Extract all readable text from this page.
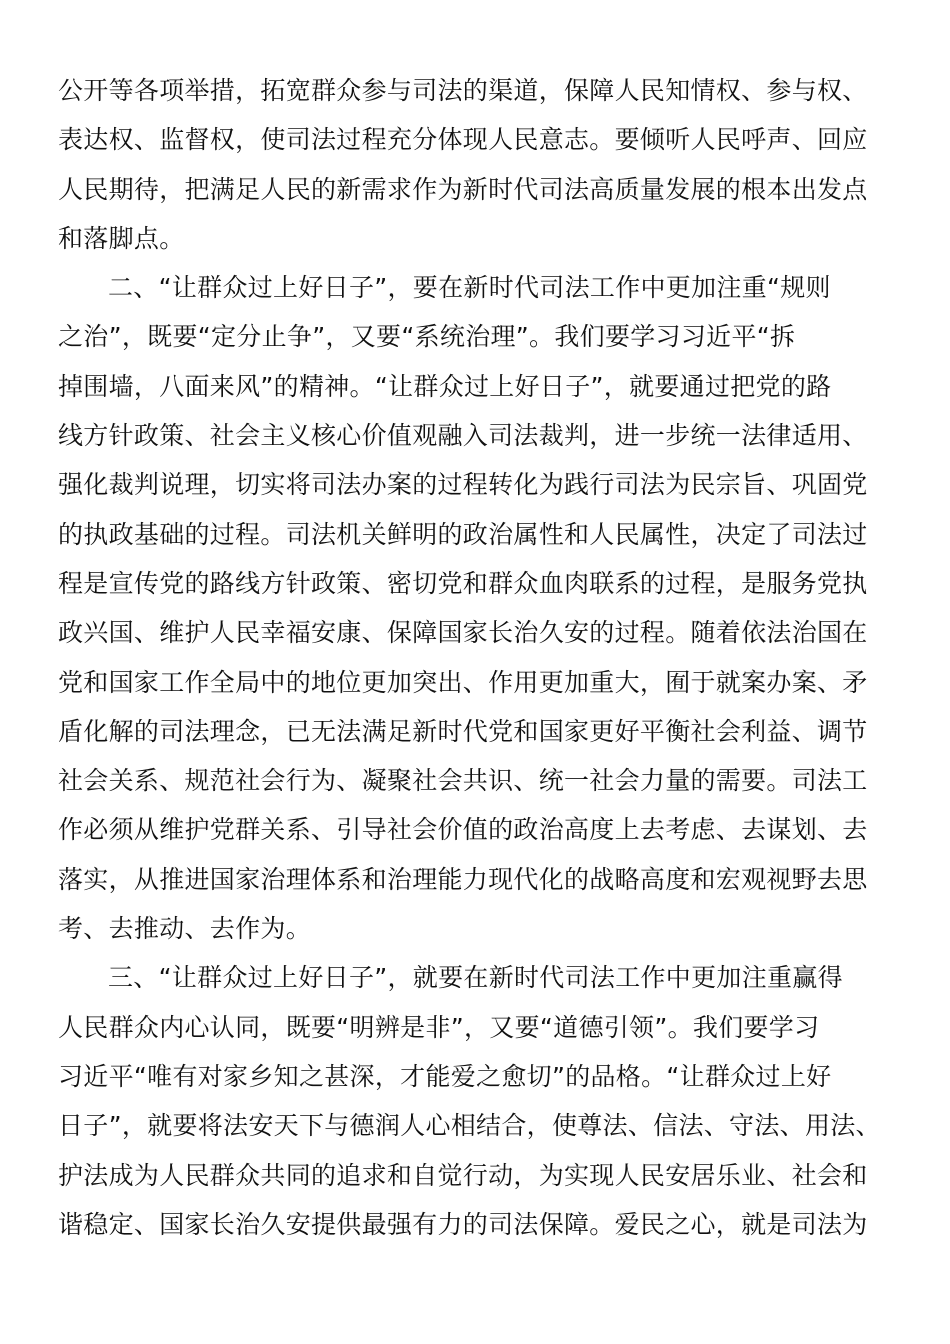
公开等各项举措，拓宽群众参与司法的渠道，保障人民知情权、参与权、
表达权、监督权，使司法过程充分体现人民意志。要倾听人民呼声、回应
人民期待，把满足人民的新需求作为新时代司法高质量发展的根本出发点
和落脚点。
二、“让群众过上好日子”，要在新时代司法工作中更加注重“规则
之治”，既要“定分止争”，又要“系统治理”。我们要学习习近平“拆
掉围墙，八面来风”的精神。“让群众过上好日子”，就要通过把党的路
线方针政策、社会主义核心价值观融入司法裁判，进一步统一法律适用、
强化裁判说理，切实将司法办案的过程转化为践行司法为民宗旨、巩固党
的执政基础的过程。司法机关鲜明的政治属性和人民属性，决定了司法过
程是宣传党的路线方针政策、密切党和群众血肉联系的过程，是服务党执
政兴国、维护人民幸福安康、保障国家长治久安的过程。随着依法治国在
党和国家工作全局中的地位更加突出、作用更加重大，囿于就案办案、矛
盾化解的司法理念，已无法满足新时代党和国家更好平衡社会利益、调节
社会关系、规范社会行为、凝聚社会共识、统一社会力量的需要。司法工
作必须从维护党群关系、引导社会价值的政治高度上去考虑、去谋划、去
落实，从推进国家治理体系和治理能力现代化的战略高度和宏观视野去思
考、去推动、去作为。
三、“让群众过上好日子”，就要在新时代司法工作中更加注重赢得
人民群众内心认同，既要“明辨是非”，又要“道德引领”。我们要学习
习近平“唯有对家乡知之甚深，才能爱之愈切”的品格。“让群众过上好
日子”，就要将法安天下与德润人心相结合，使尊法、信法、守法、用法、
护法成为人民群众共同的追求和自觉行动，为实现人民安居乐业、社会和
谐稳定、国家长治久安提供最强有力的司法保障。爱民之心，就是司法为
